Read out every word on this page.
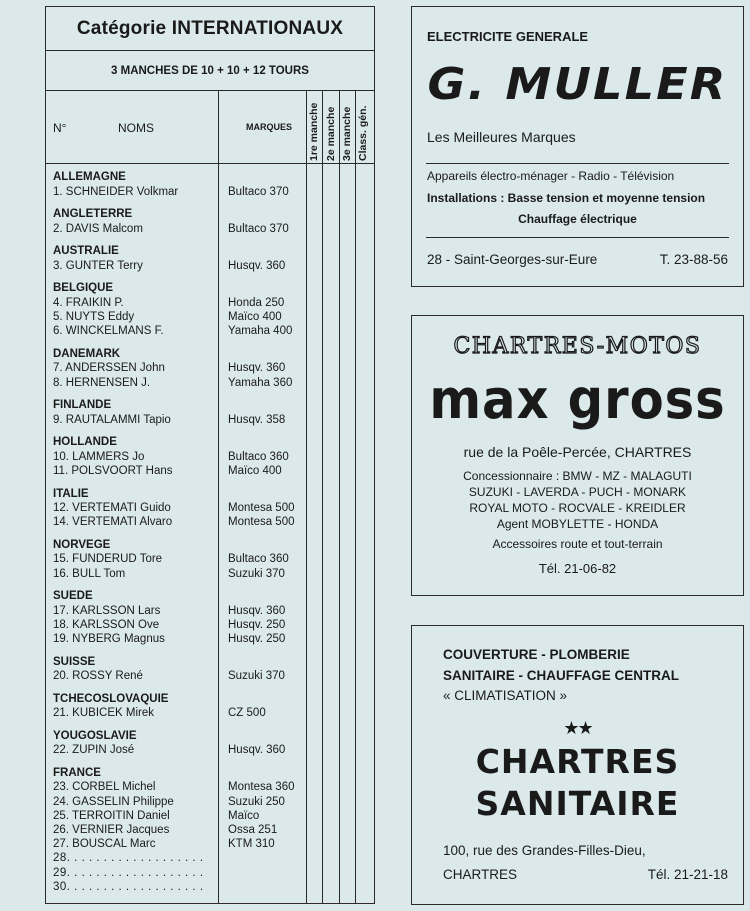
Catégorie INTERNATIONAUX
3 MANCHES DE 10 + 10 + 12 TOURS
N°	NOMS	MARQUES 1re manche 2e manche 3e manche Class. gén.
ALLEMAGNE
1. SCHNEIDER Volkmar	Bultaco 370
ANGLETERRE
2. DAVIS Malcom	Bultaco 370
AUSTRALIE
3. GUNTER Terry	Husqv. 360
BELGIQUE
4. FRAIKIN P.	Honda 250
5. NUYTS Eddy	Maïco 400
6. WINCKELMANS F.	Yamaha 400
DANEMARK
7. ANDERSSEN John	Husqv. 360
8. HERNENSEN J.	Yamaha 360
FINLANDE
9. RAUTALAMMI Tapio	Husqv. 358
HOLLANDE
10. LAMMERS Jo	Bultaco 360
11. POLSVOORT Hans	Maïco 400
ITALIE
12. VERTEMATI Guido	Montesa 500
14. VERTEMATI Alvaro	Montesa 500
NORVEGE
15. FUNDERUD Tore	Bultaco 360
16. BULL Tom	Suzuki 370
SUEDE
17. KARLSSON Lars	Husqv. 360
18. KARLSSON Ove	Husqv. 250
19. NYBERG Magnus	Husqv. 250
SUISSE
20. ROSSY René	Suzuki 370
TCHECOSLOVAQUIE
21. KUBICEK Mirek	CZ 500
YOUGOSLAVIE
22. ZUPIN José	Husqv. 360
FRANCE
23. CORBEL Michel	Montesa 360
24. GASSELIN Philippe	Suzuki 250
25. TERROITIN Daniel	Maïco
26. VERNIER Jacques	Ossa 251
27. BOUSCAL Marc	KTM 310
28. . . . . . . . . . . . . . . . . . .
29. . . . . . . . . . . . . . . . . . .
30. . . . . . . . . . . . . . . . . . .
ELECTRICITE GENERALE
G. MULLER
Les Meilleures Marques
Appareils électro-ménager - Radio - Télévision
Installations : Basse tension et moyenne tension
Chauffage électrique
28 - Saint-Georges-sur-Eure	T. 23-88-56
CHARTRES-MOTOS
max gross
rue de la Poêle-Percée, CHARTRES
Concessionnaire : BMW - MZ - MALAGUTI
SUZUKI - LAVERDA - PUCH - MONARK
ROYAL MOTO - ROCVALE - KREIDLER
Agent MOBYLETTE - HONDA
Accessoires route et tout-terrain
Tél. 21-06-82
COUVERTURE - PLOMBERIE
SANITAIRE - CHAUFFAGE CENTRAL
« CLIMATISATION »
★★
CHARTRES
SANITAIRE
100, rue des Grandes-Filles-Dieu,
CHARTRES	Tél. 21-21-18
